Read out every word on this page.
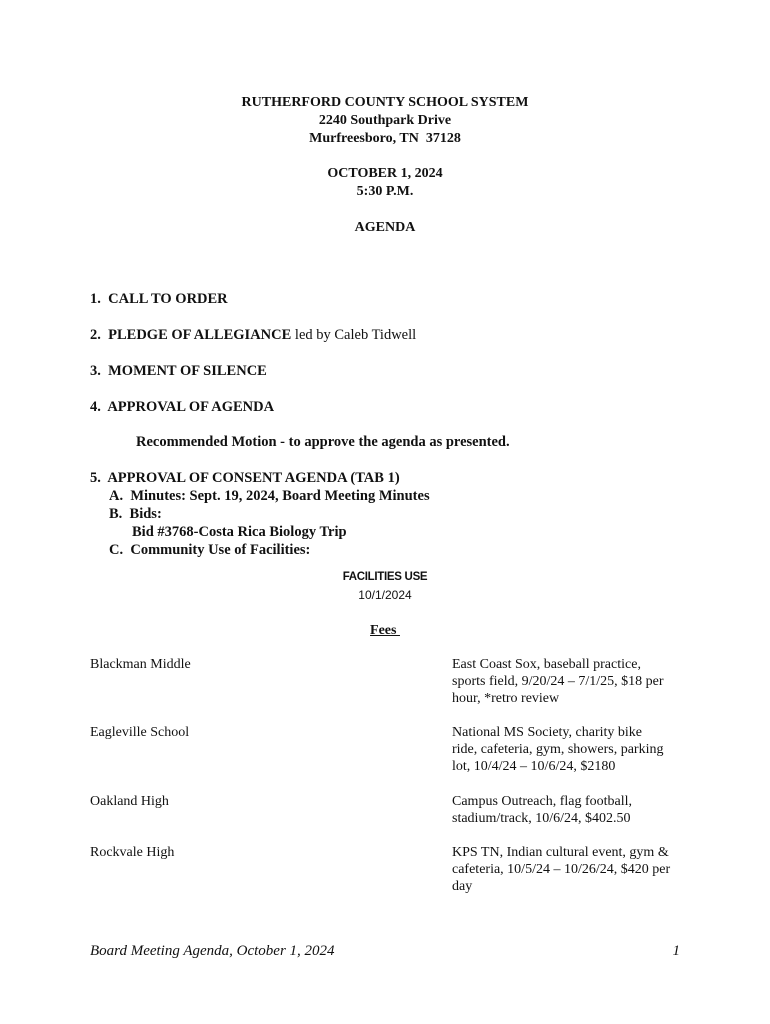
RUTHERFORD COUNTY SCHOOL SYSTEM
2240 Southpark Drive
Murfreesboro, TN  37128
OCTOBER 1, 2024
5:30 P.M.
AGENDA
1.  CALL TO ORDER
2.  PLEDGE OF ALLEGIANCE led by Caleb Tidwell
3.  MOMENT OF SILENCE
4.  APPROVAL OF AGENDA
Recommended Motion - to approve the agenda as presented.
5.  APPROVAL OF CONSENT AGENDA (TAB 1)
A.  Minutes: Sept. 19, 2024, Board Meeting Minutes
B.  Bids:
Bid #3768-Costa Rica Biology Trip
C.  Community Use of Facilities:
FACILITIES USE
10/1/2024
Fees
Blackman Middle	East Coast Sox, baseball practice,
sports field, 9/20/24 – 7/1/25, $18 per
hour, *retro review
Eagleville School	National MS Society, charity bike
ride, cafeteria, gym, showers, parking
lot, 10/4/24 – 10/6/24, $2180
Oakland High	Campus Outreach, flag football,
stadium/track, 10/6/24, $402.50
Rockvale High	KPS TN, Indian cultural event, gym &
cafeteria, 10/5/24 – 10/26/24, $420 per
day
Board Meeting Agenda, October 1, 2024	1
